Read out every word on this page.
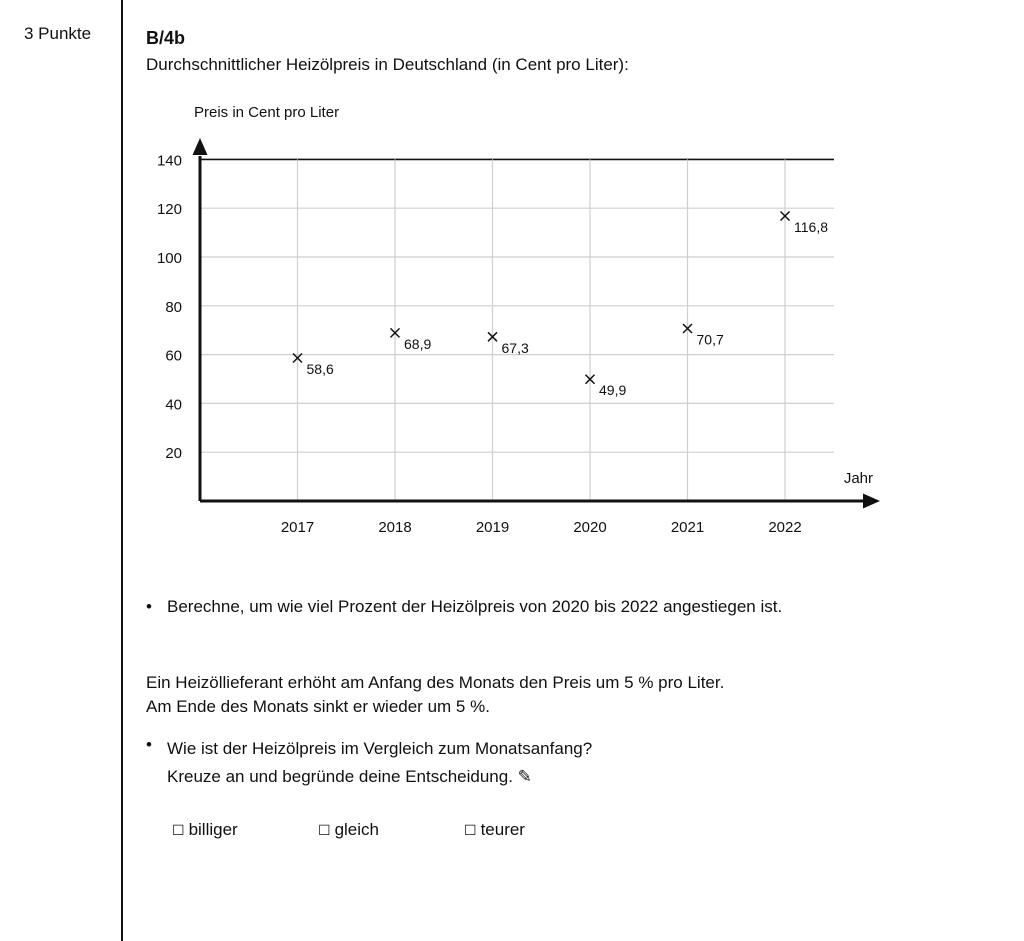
3 Punkte	B/4b
Durchschnittlicher Heizölpreis in Deutschland (in Cent pro Liter):
20
40
60
80
100
120
140
2017	2018	2019	2020	2021	2022
Preis in Cent pro Liter
Jahr
58,6
68,9	67,3
49,9
70,7
116,8
• Berechne, um wie viel Prozent der Heizölpreis von 2020 bis 2022 angestiegen ist.
Ein Heizöllieferant erhöht am Anfang des Monats den Preis um 5 % pro Liter.
Am Ende des Monats sinkt er wieder um 5 %.
• Wie ist der Heizölpreis im Vergleich zum Monatsanfang?
Kreuze an und begründe deine Entscheidung. ✎
☐ billiger	☐ gleich	☐ teurer
